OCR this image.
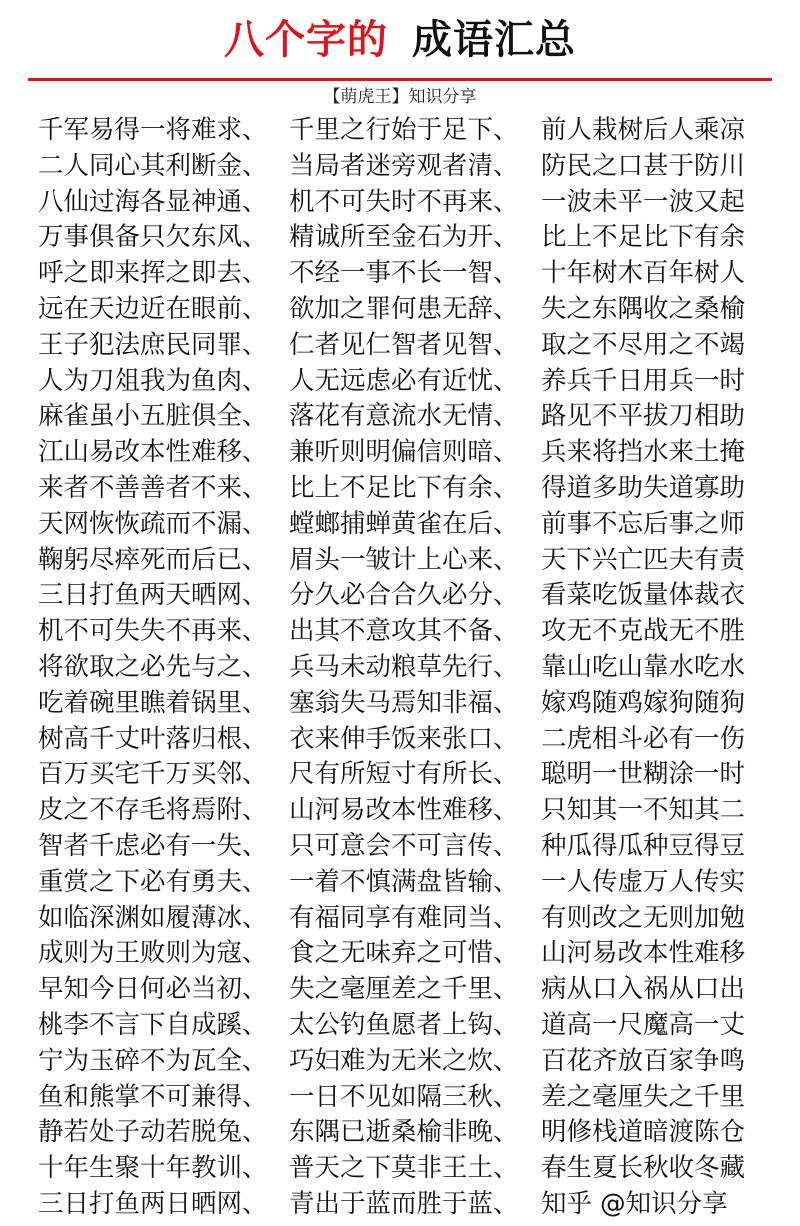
八个字的 成语汇总
【萌虎王】知识分享
千军易得一将难求、 千里之行始于足下、 前人栽树后人乘凉
二人同心其利断金、 当局者迷旁观者清、 防民之口甚于防川
八仙过海各显神通、 机不可失时不再来、 一波未平一波又起
万事俱备只欠东风、 精诚所至金石为开、 比上不足比下有余
呼之即来挥之即去、 不经一事不长一智、 十年树木百年树人
远在天边近在眼前、 欲加之罪何患无辞、 失之东隅收之桑榆
王子犯法庶民同罪、 仁者见仁智者见智、 取之不尽用之不竭
人为刀俎我为鱼肉、 人无远虑必有近忧、 养兵千日用兵一时
麻雀虽小五脏俱全、 落花有意流水无情、 路见不平拔刀相助
江山易改本性难移、 兼听则明偏信则暗、 兵来将挡水来土掩
来者不善善者不来、 比上不足比下有余、 得道多助失道寡助
天网恢恢疏而不漏、 螳螂捕蝉黄雀在后、 前事不忘后事之师
鞠躬尽瘁死而后已、 眉头一皱计上心来、 天下兴亡匹夫有责
三日打鱼两天晒网、 分久必合合久必分、 看菜吃饭量体裁衣
机不可失失不再来、 出其不意攻其不备、 攻无不克战无不胜
将欲取之必先与之、 兵马未动粮草先行、 靠山吃山靠水吃水
吃着碗里瞧着锅里、 塞翁失马焉知非福、 嫁鸡随鸡嫁狗随狗
树高千丈叶落归根、 衣来伸手饭来张口、 二虎相斗必有一伤
百万买宅千万买邻、 尺有所短寸有所长、 聪明一世糊涂一时
皮之不存毛将焉附、 山河易改本性难移、 只知其一不知其二
智者千虑必有一失、 只可意会不可言传、 种瓜得瓜种豆得豆
重赏之下必有勇夫、 一着不慎满盘皆输、 一人传虚万人传实
如临深渊如履薄冰、 有福同享有难同当、 有则改之无则加勉
成则为王败则为寇、 食之无味弃之可惜、 山河易改本性难移
早知今日何必当初、 失之毫厘差之千里、 病从口入祸从口出
桃李不言下自成蹊、 太公钓鱼愿者上钩、 道高一尺魔高一丈
宁为玉碎不为瓦全、 巧妇难为无米之炊、 百花齐放百家争鸣
鱼和熊掌不可兼得、 一日不见如隔三秋、 差之毫厘失之千里
静若处子动若脱兔、 东隅已逝桑榆非晚、 明修栈道暗渡陈仓
十年生聚十年教训、 普天之下莫非王土、 春生夏长秋收冬藏
三日打鱼两日晒网、 青出于蓝而胜于蓝、 知乎 @知识分享
